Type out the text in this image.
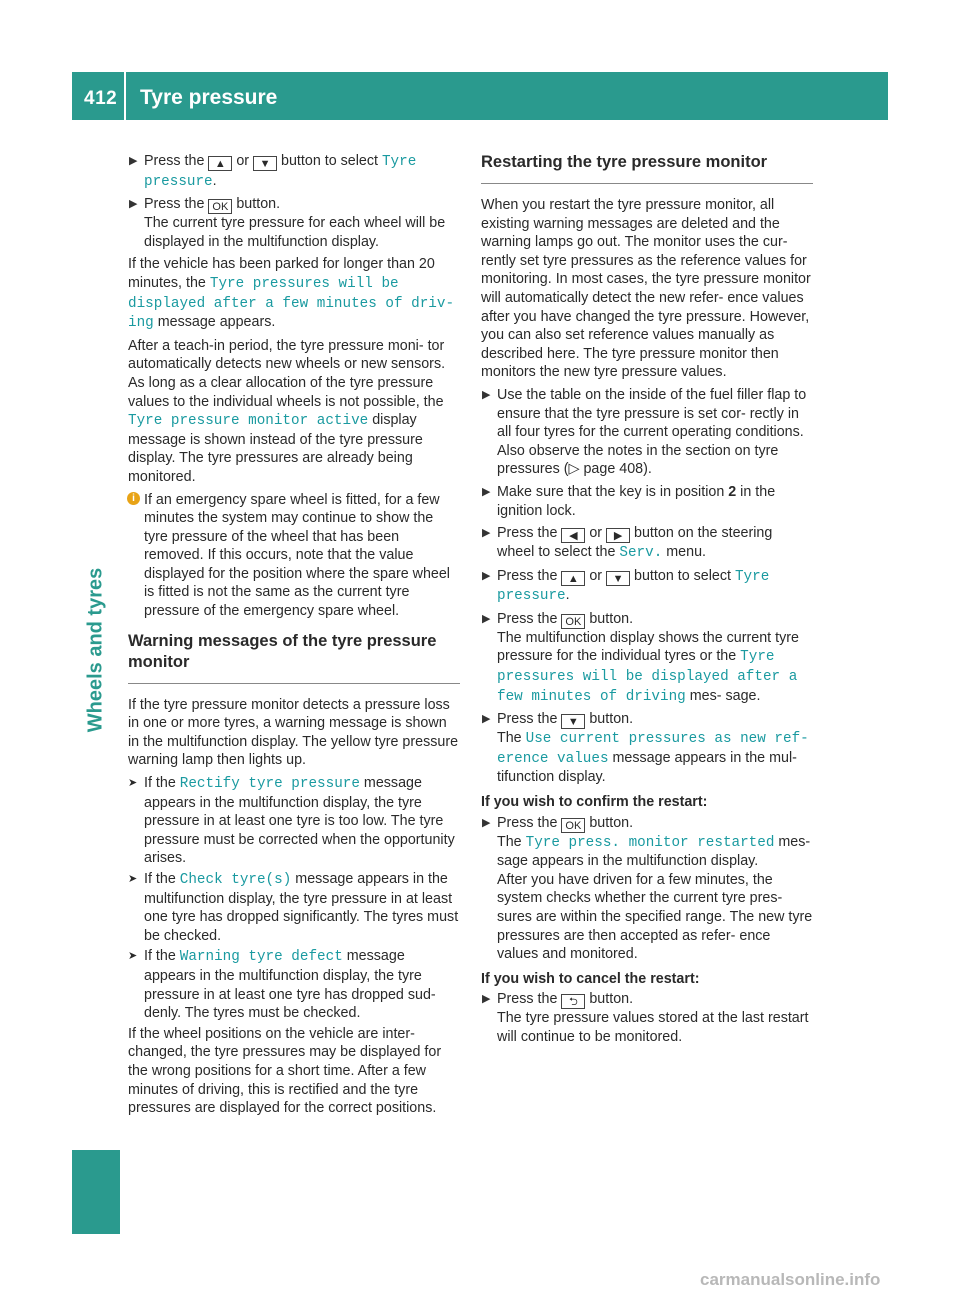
412 Tyre pressure
Wheels and tyres
▶ Press the ▲ or ▼ button to select Tyre pressure.
▶ Press the OK button.
The current tyre pressure for each wheel will be displayed in the multifunction display.

If the vehicle has been parked for longer than 20 minutes, the Tyre pressures will be displayed after a few minutes of driv‐ ing message appears.

After a teach-in period, the tyre pressure moni- tor automatically detects new wheels or new sensors. As long as a clear allocation of the tyre pressure values to the individual wheels is not possible, the Tyre pressure monitor active display message is shown instead of the tyre pressure display. The tyre pressures are already being monitored.

i If an emergency spare wheel is fitted, for a few minutes the system may continue to show the tyre pressure of the wheel that has been removed. If this occurs, note that the value displayed for the position where the spare wheel is fitted is not the same as the current tyre pressure of the emergency spare wheel.
Warning messages of the tyre pressure monitor

If the tyre pressure monitor detects a pressure loss in one or more tyres, a warning message is shown in the multifunction display. The yellow tyre pressure warning lamp then lights up.

➤ If the Rectify tyre pressure message appears in the multifunction display, the tyre pressure in at least one tyre is too low. The tyre pressure must be corrected when the opportunity arises.
➤ If the Check tyre(s) message appears in the multifunction display, the tyre pressure in at least one tyre has dropped significantly. The tyres must be checked.
➤ If the Warning tyre defect message appears in the multifunction display, the tyre pressure in at least one tyre has dropped sud- denly. The tyres must be checked.

If the wheel positions on the vehicle are inter- changed, the tyre pressures may be displayed for the wrong positions for a short time. After a few minutes of driving, this is rectified and the tyre pressures are displayed for the correct positions.

Restarting the tyre pressure monitor

When you restart the tyre pressure monitor, all existing warning messages are deleted and the warning lamps go out. The monitor uses the cur- rently set tyre pressures as the reference values for monitoring. In most cases, the tyre pressure monitor will automatically detect the new refer- ence values after you have changed the tyre pressure. However, you can also set reference values manually as described here. The tyre pressure monitor then monitors the new tyre pressure values.

▶ Use the table on the inside of the fuel filler flap to ensure that the tyre pressure is set cor- rectly in all four tyres for the current operating conditions.
Also observe the notes in the section on tyre pressures (▷ page 408).
▶ Make sure that the key is in position 2 in the ignition lock.
▶ Press the ◀ or ▶ button on the steering wheel to select the Serv. menu.
▶ Press the ▲ or ▼ button to select Tyre pressure.
▶ Press the OK button.
The multifunction display shows the current tyre pressure for the individual tyres or the Tyre pressures will be displayed after a few minutes of driving mes- sage.
▶ Press the ▼ button.
The Use current pressures as new ref‐ erence values message appears in the mul- tifunction display.
If you wish to confirm the restart:
▶ Press the OK button.
The Tyre press. monitor restarted mes- sage appears in the multifunction display.
After you have driven for a few minutes, the system checks whether the current tyre pres- sures are within the specified range. The new tyre pressures are then accepted as refer- ence values and monitored.
If you wish to cancel the restart:
▶ Press the ⮌ button.
The tyre pressure values stored at the last restart will continue to be monitored.
carmanualsonline.info
